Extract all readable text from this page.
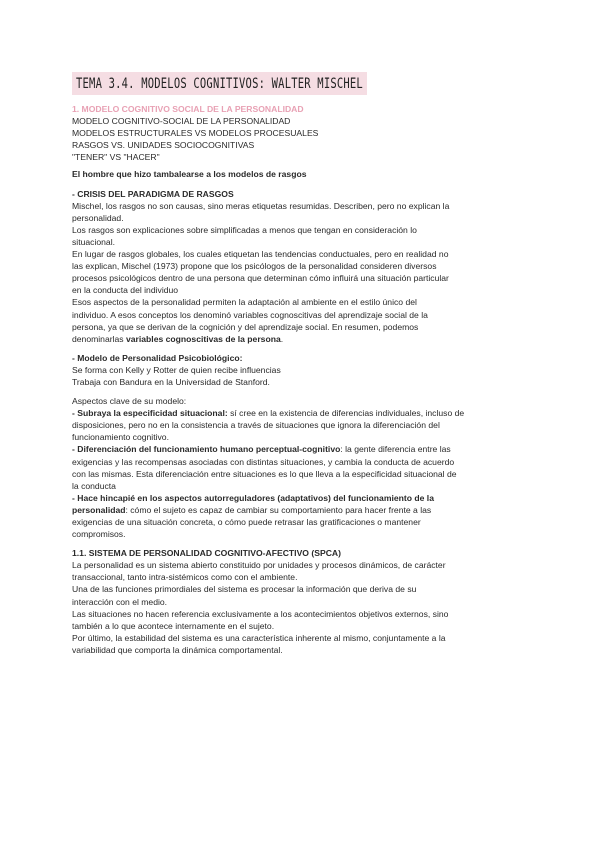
TEMA 3.4. MODELOS COGNITIVOS: WALTER MISCHEL

1. MODELO COGNITIVO SOCIAL DE LA PERSONALIDAD

MODELO COGNITIVO-SOCIAL DE LA PERSONALIDAD

MODELOS ESTRUCTURALES VS MODELOS PROCESUALES

RASGOS VS. UNIDADES SOCIOCOGNITIVAS

"TENER" VS "HACER"

El hombre que hizo tambalearse a los modelos de rasgos

- CRISIS DEL PARADIGMA DE RASGOS

Mischel, los rasgos no son causas, sino meras etiquetas resumidas. Describen, pero no explican la

personalidad.

Los rasgos son explicaciones sobre simplificadas a menos que tengan en consideración lo

situacional.

En lugar de rasgos globales, los cuales etiquetan las tendencias conductuales, pero en realidad no

las explican, Mischel (1973) propone que los psicólogos de la personalidad consideren diversos

procesos psicológicos dentro de una persona que determinan cómo influirá una situación particular

en la conducta del individuo

Esos aspectos de la personalidad permiten la adaptación al ambiente en el estilo único del

individuo. A esos conceptos los denominó variables cognoscitivas del aprendizaje social de la

persona, ya que se derivan de la cognición y del aprendizaje social. En resumen, podemos

denominarlas variables cognoscitivas de la persona.

- Modelo de Personalidad Psicobiológico:

Se forma con Kelly y Rotter de quien recibe influencias

Trabaja con Bandura en la Universidad de Stanford.

Aspectos clave de su modelo:

- Subraya la especificidad situacional: sí cree en la existencia de diferencias individuales, incluso de

disposiciones, pero no en la consistencia a través de situaciones que ignora la diferenciación del

funcionamiento cognitivo.

- Diferenciación del funcionamiento humano perceptual-cognitivo: la gente diferencia entre las

exigencias y las recompensas asociadas con distintas situaciones, y cambia la conducta de acuerdo

con las mismas. Esta diferenciación entre situaciones es lo que lleva a la especificidad situacional de

la conducta

- Hace hincapié en los aspectos autorreguladores (adaptativos) del funcionamiento de la

personalidad: cómo el sujeto es capaz de cambiar su comportamiento para hacer frente a las

exigencias de una situación concreta, o cómo puede retrasar las gratificaciones o mantener

compromisos.

1.1. SISTEMA DE PERSONALIDAD COGNITIVO-AFECTIVO (SPCA)

La personalidad es un sistema abierto constituido por unidades y procesos dinámicos, de carácter

transaccional, tanto intra-sistémicos como con el ambiente.

Una de las funciones primordiales del sistema es procesar la información que deriva de su

interacción con el medio.

Las situaciones no hacen referencia exclusivamente a los acontecimientos objetivos externos, sino

también a lo que acontece internamente en el sujeto.

Por último, la estabilidad del sistema es una característica inherente al mismo, conjuntamente a la

variabilidad que comporta la dinámica comportamental.
